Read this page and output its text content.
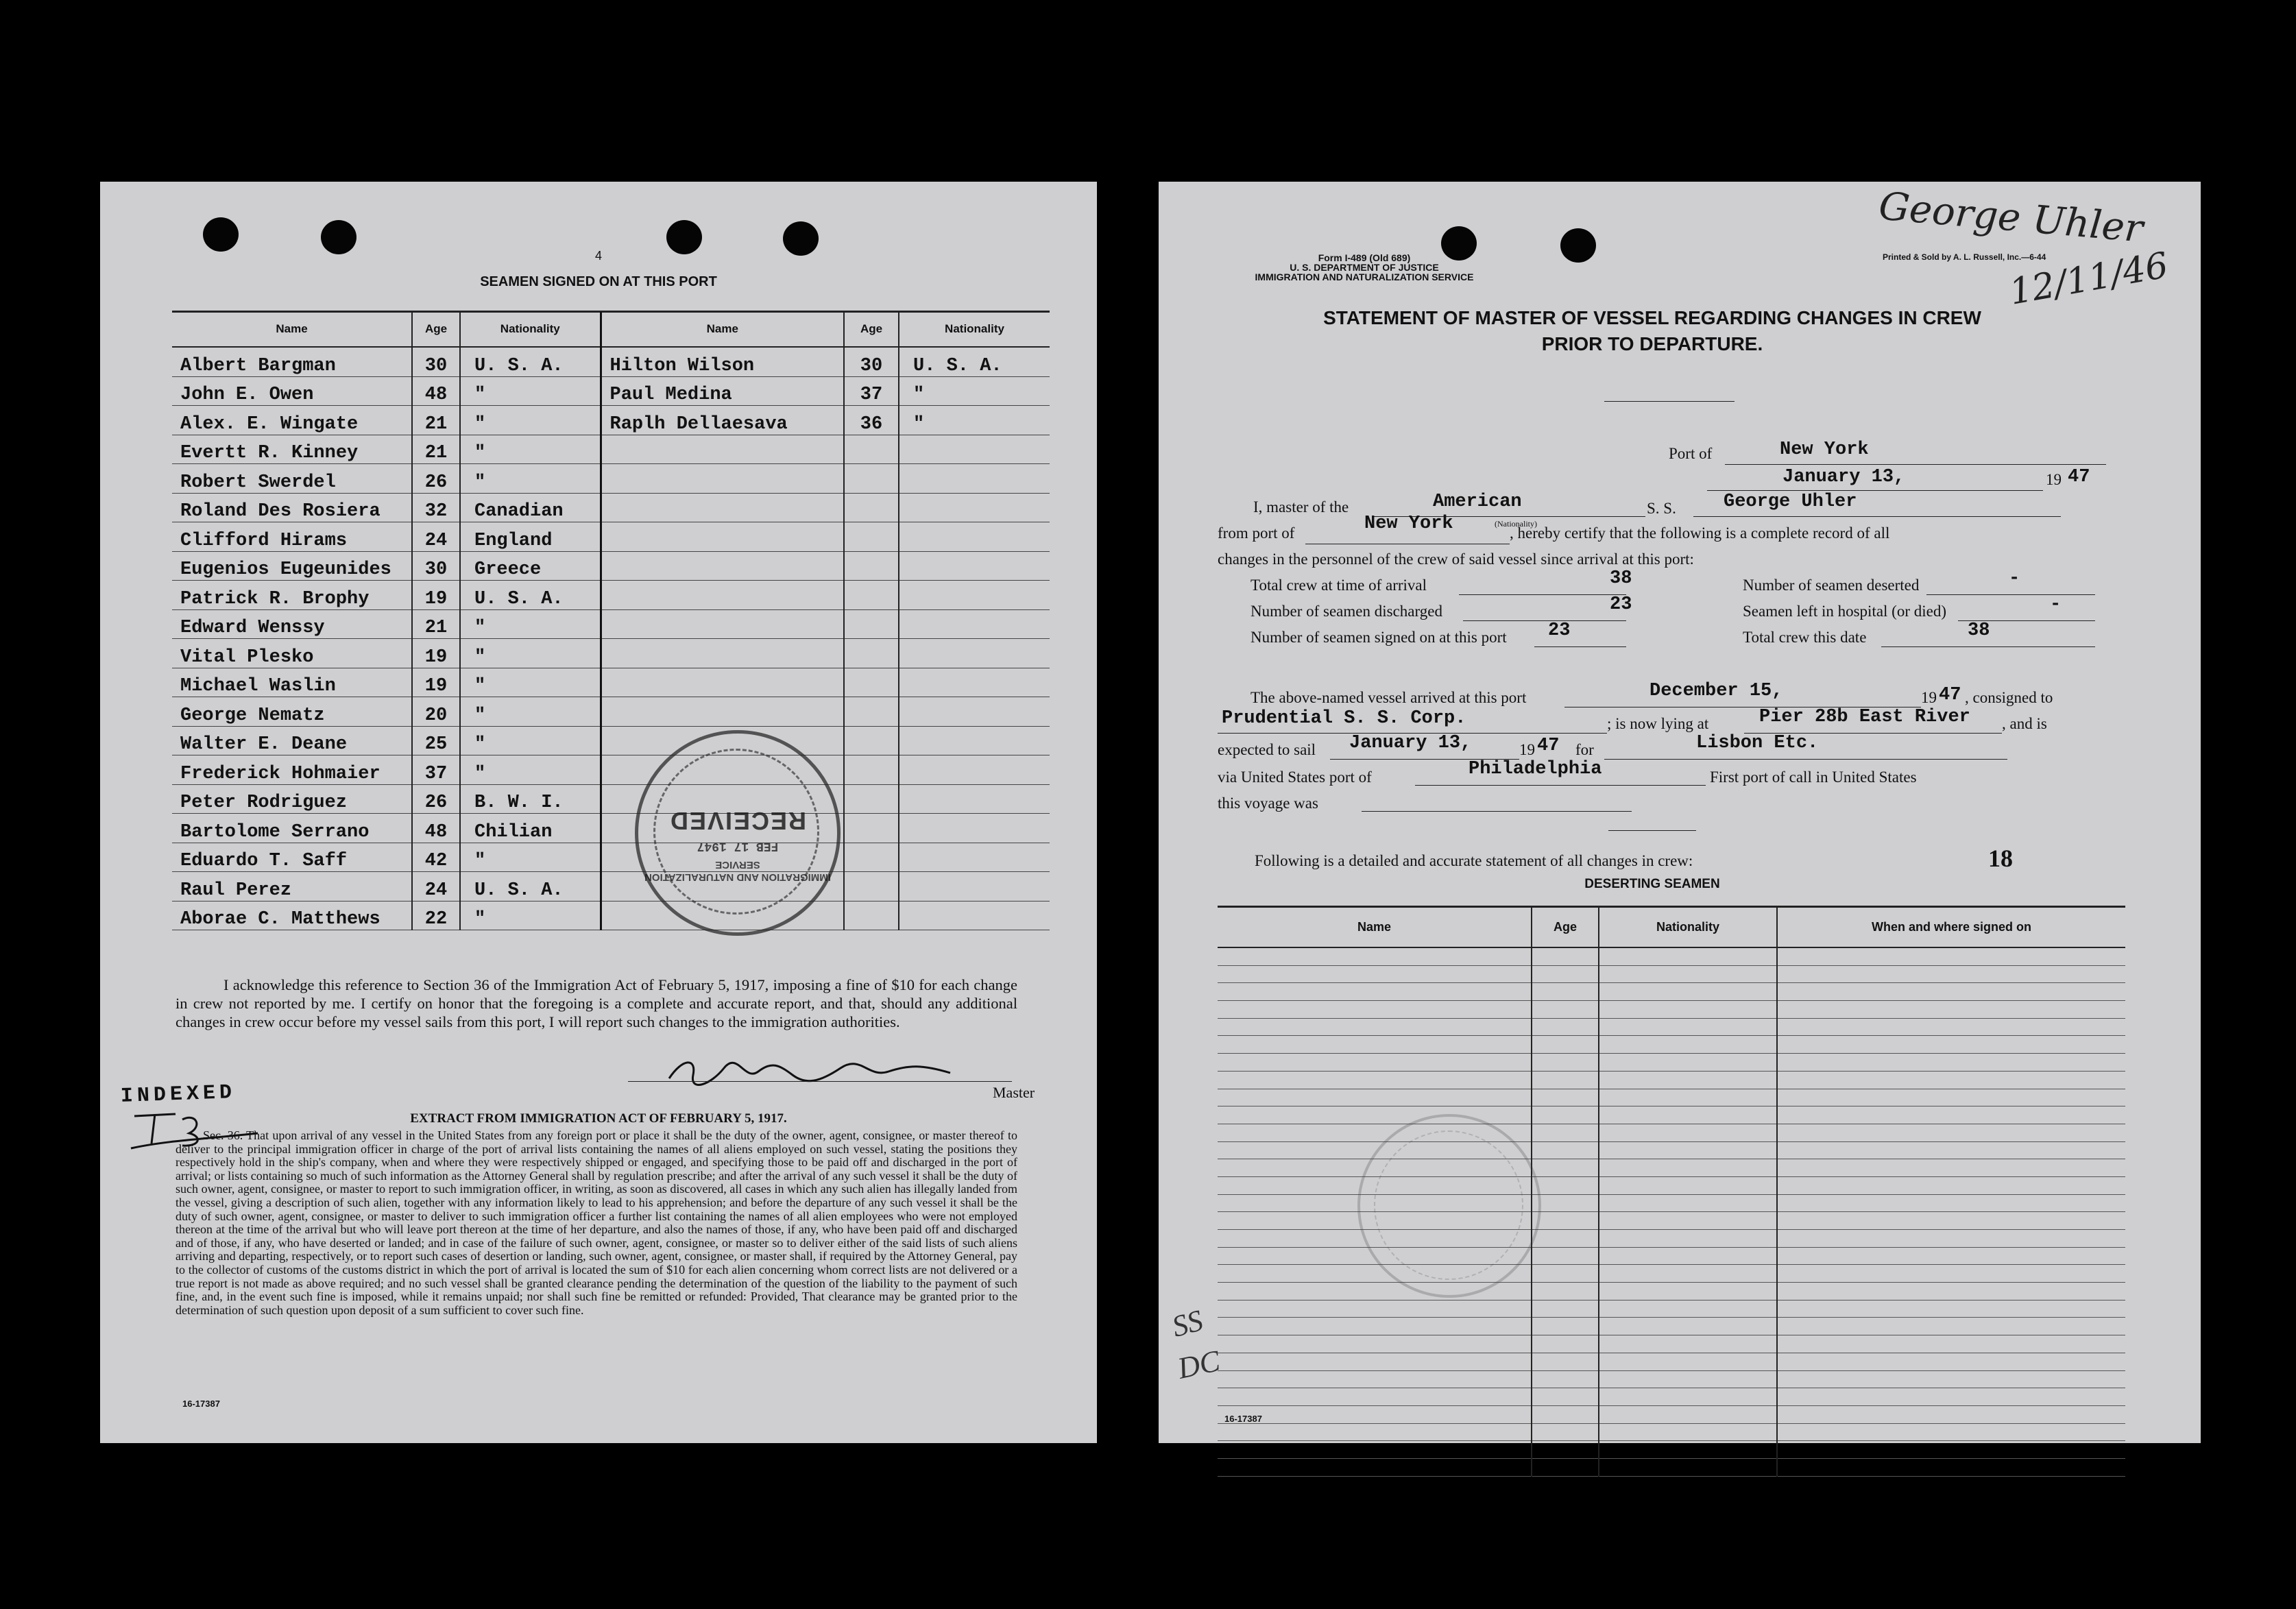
4
SEAMEN SIGNED ON AT THIS PORT
Name	Age	Nationality	Name	Age	Nationality
Albert Bargman	30	U. S. A.	Hilton Wilson	30	U. S. A.
John E. Owen	48	"	Paul Medina	37	"
Alex. E. Wingate	21	"	Raplh Dellaesava	36	"
Evertt R. Kinney	21	"			
Robert Swerdel	26	"			
Roland Des Rosiera	32	Canadian			
Clifford Hirams	24	England			
Eugenios Eugeunides	30	Greece			
Patrick R. Brophy	19	U. S. A.			
Edward Wenssy	21	"			
Vital Plesko	19	"			
Michael Waslin	19	"			
George Nematz	20	"			
Walter E. Deane	25	"			
Frederick Hohmaier	37	"			
Peter Rodriguez	26	B. W. I.			
Bartolome Serrano	48	Chilian			
Eduardo T. Saff	42	"			
Raul Perez	24	U. S. A.			
Aborae C. Matthews	22	"			
I acknowledge this reference to Section 36 of the Immigration Act of February 5, 1917, imposing a fine of $10 for each change in crew not reported by me. I certify on honor that the foregoing is a complete and accurate report, and that, should any additional changes in crew occur before my vessel sails from this port, I will report such changes to the immigration authorities.
Master
INDEXED
EXTRACT FROM IMMIGRATION ACT OF FEBRUARY 5, 1917.
Sec. 36. That upon arrival of any vessel in the United States from any foreign port or place it shall be the duty of the owner, agent, consignee, or master thereof to deliver to the principal immigration officer in charge of the port of arrival lists containing the names of all aliens employed on such vessel, stating the positions they respectively hold in the ship's company, when and where they were respectively shipped or engaged, and specifying those to be paid off and discharged in the port of arrival; or lists containing so much of such information as the Attorney General shall by regulation prescribe; and after the arrival of any such vessel it shall be the duty of such owner, agent, consignee, or master to report to such immigration officer, in writing, as soon as discovered, all cases in which any such alien has illegally landed from the vessel, giving a description of such alien, together with any information likely to lead to his apprehension; and before the departure of any such vessel it shall be the duty of such owner, agent, consignee, or master to deliver to such immigration officer a further list containing the names of all alien employees who were not employed thereon at the time of the arrival but who will leave port thereon at the time of her departure, and also the names of those, if any, who have been paid off and discharged and of those, if any, who have deserted or landed; and in case of the failure of such owner, agent, consignee, or master so to deliver either of the said lists of such aliens arriving and departing, respectively, or to report such cases of desertion or landing, such owner, agent, consignee, or master shall, if required by the Attorney General, pay to the collector of customs of the customs district in which the port of arrival is located the sum of $10 for each alien concerning whom correct lists are not delivered or a true report is not made as above required; and no such vessel shall be granted clearance pending the determination of the question of the liability to the payment of such fine, and, in the event such fine is imposed, while it remains unpaid; nor shall such fine be remitted or refunded: Provided, That clearance may be granted prior to the determination of such question upon deposit of a sum sufficient to cover such fine.
16-17387
IMMIGRATION AND NATURALIZATION SERVICE
FEB 17 1947
RECEIVED
Form I-489 (Old 689)
U. S. DEPARTMENT OF JUSTICE
IMMIGRATION AND NATURALIZATION SERVICE
Printed & Sold by A. L. Russell, Inc.—6-44
George Uhler
12/11/46
STATEMENT OF MASTER OF VESSEL REGARDING CHANGES IN CREW
PRIOR TO DEPARTURE.
Port of	New York
January 13,	19 47
I, master of the	American	S. S.	George Uhler
from port of	New York	(Nationality)
, hereby certify that the following is a complete record of all
changes in the personnel of the crew of said vessel since arrival at this port:
Total crew at time of arrival	38
Number of seamen discharged	23
Number of seamen signed on at this port 23
Number of seamen deserted	-
Seamen left in hospital (or died)	-
Total crew this date	38
The above-named vessel arrived at this port	December 15,	19 47 , consigned to
Prudential S. S. Corp.	; is now lying at	Pier 28b East River , and is
expected to sail January 13,	19 47 for	Lisbon Etc.
via United States port of	Philadelphia	First port of call in United States
this voyage was
Following is a detailed and accurate statement of all changes in crew:	18
DESERTING SEAMEN
Name	Age	Nationality	When and where signed on

SS
DC
16-17387
